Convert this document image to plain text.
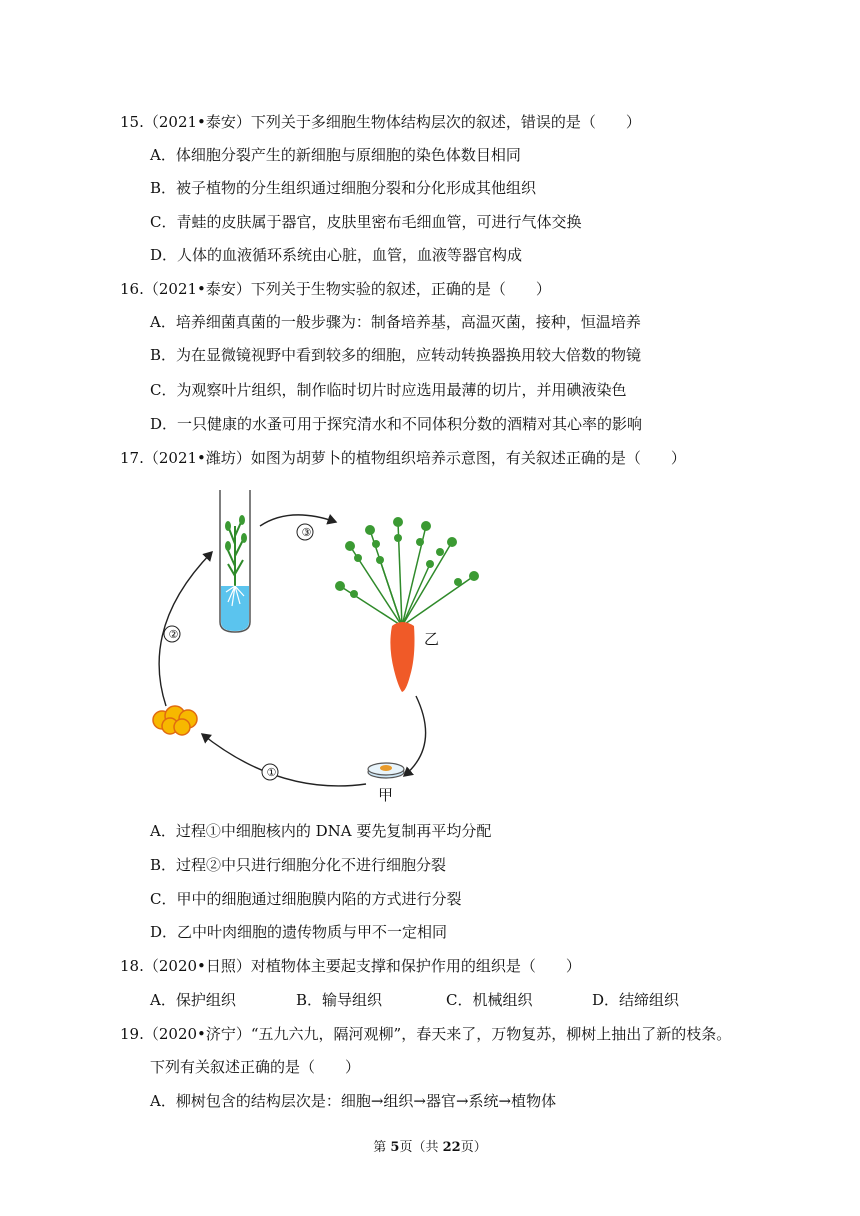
15.（2021•泰安）下列关于多细胞生物体结构层次的叙述，错误的是（　　）
A．体细胞分裂产生的新细胞与原细胞的染色体数目相同
B．被子植物的分生组织通过细胞分裂和分化形成其他组织
C．青蛙的皮肤属于器官，皮肤里密布毛细血管，可进行气体交换
D．人体的血液循环系统由心脏，血管，血液等器官构成
16.（2021•泰安）下列关于生物实验的叙述，正确的是（　　）
A．培养细菌真菌的一般步骤为：制备培养基，高温灭菌，接种，恒温培养
B．为在显微镜视野中看到较多的细胞，应转动转换器换用较大倍数的物镜
C．为观察叶片组织，制作临时切片时应选用最薄的切片，并用碘液染色
D．一只健康的水蚤可用于探究清水和不同体积分数的酒精对其心率的影响
17.（2021•潍坊）如图为胡萝卜的植物组织培养示意图，有关叙述正确的是（　　）
乙
甲
③
②
①
A．过程①中细胞核内的 DNA 要先复制再平均分配
B．过程②中只进行细胞分化不进行细胞分裂
C．甲中的细胞通过细胞膜内陷的方式进行分裂
D．乙中叶肉细胞的遗传物质与甲不一定相同
18.（2020•日照）对植物体主要起支撑和保护作用的组织是（　　）
A．保护组织	B．输导组织	C．机械组织	D．结缔组织
19.（2020•济宁）“五九六九，隔河观柳”，春天来了，万物复苏，柳树上抽出了新的枝条。
下列有关叙述正确的是（　　）
A．柳树包含的结构层次是：细胞→组织→器官→系统→植物体
第 5页（共 22页）
